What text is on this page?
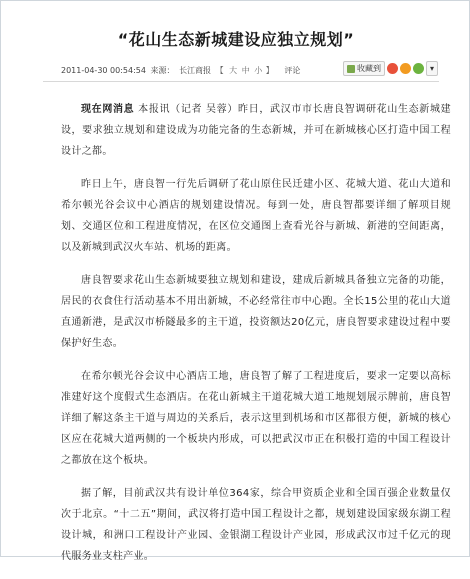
“花山生态新城建设应独立规划”
2011-04-30 00:54:54 来源： 长江商报 【 大 中 小 】 评论	收藏到	▾

现在网消息 本报讯（记者 吴蓉）昨日，武汉市市长唐良智调研花山生态新城建设，要求独立规划和建设成为功能完备的生态新城，并可在新城核心区打造中国工程设计之都。

昨日上午，唐良智一行先后调研了花山原住民迁建小区、花城大道、花山大道和希尔顿光谷会议中心酒店的规划建设情况。每到一处，唐良智都要详细了解项目规划、交通区位和工程进度情况，在区位交通图上查看光谷与新城、新港的空间距离，以及新城到武汉火车站、机场的距离。

唐良智要求花山生态新城要独立规划和建设，建成后新城具备独立完备的功能，居民的衣食住行活动基本不用出新城，不必经常往市中心跑。全长15公里的花山大道直通新港，是武汉市桥隧最多的主干道，投资额达20亿元，唐良智要求建设过程中要保护好生态。

在希尔顿光谷会议中心酒店工地，唐良智了解了工程进度后，要求一定要以高标准建好这个度假式生态酒店。在花山新城主干道花城大道工地规划展示牌前，唐良智详细了解这条主干道与周边的关系后，表示这里到机场和市区都很方便，新城的核心区应在花城大道两侧的一个板块内形成，可以把武汉市正在积极打造的中国工程设计之都放在这个板块。

据了解，目前武汉共有设计单位364家，综合甲资质企业和全国百强企业数量仅次于北京。“十二五”期间，武汉将打造中国工程设计之都，规划建设国家级东湖工程设计城，和洲口工程设计产业园、金银湖工程设计产业园，形成武汉市过千亿元的现代服务业支柱产业。
